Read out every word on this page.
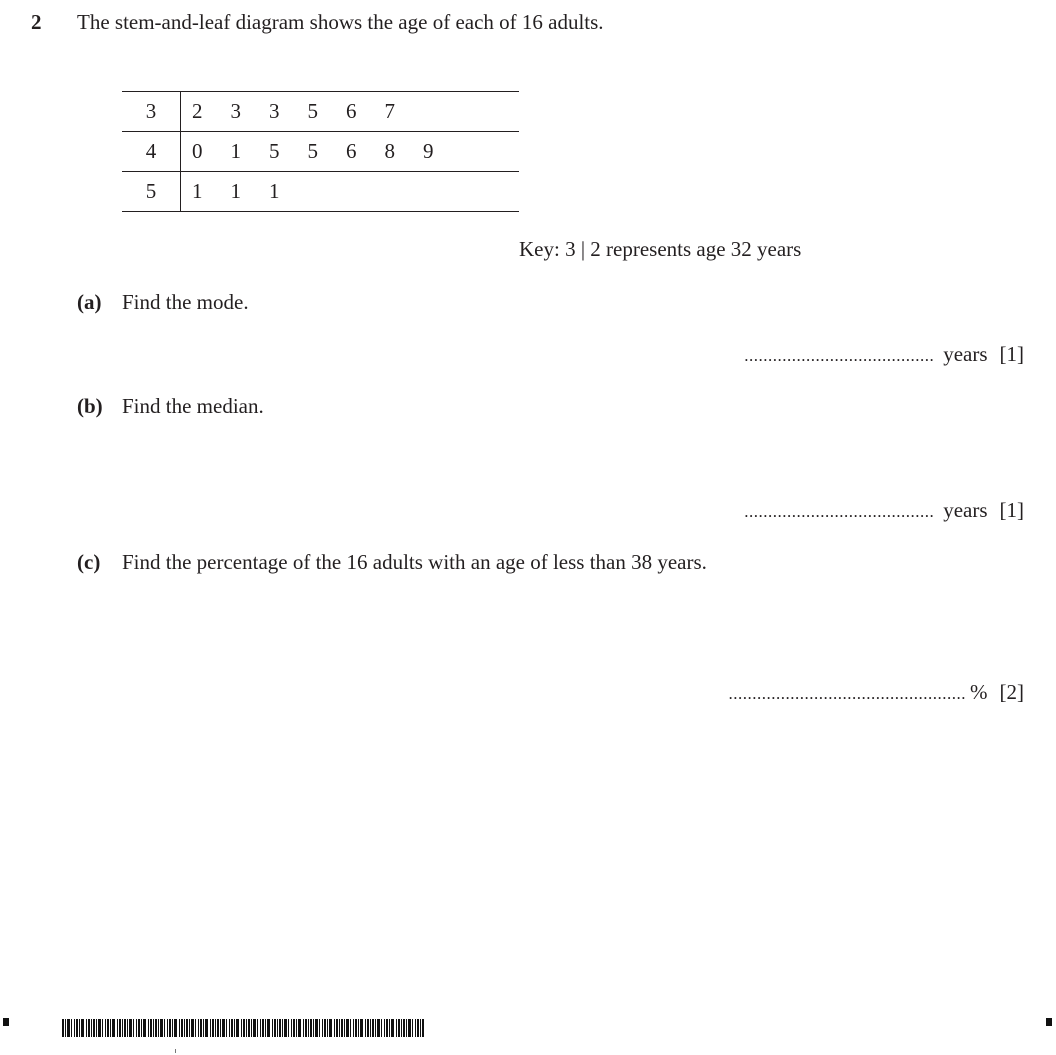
2 The stem-and-leaf diagram shows the age of each of 16 adults.
3	2	3	3	5	6	7
4	0	1	5	5	6	8	9
5	1	1	1
Key: 3 | 2 represents age 32 years
(a) Find the mode.
........................................ years [1]
(b) Find the median.
........................................ years [1]
(c) Find the percentage of the 16 adults with an age of less than 38 years.
.................................................. % [2]
